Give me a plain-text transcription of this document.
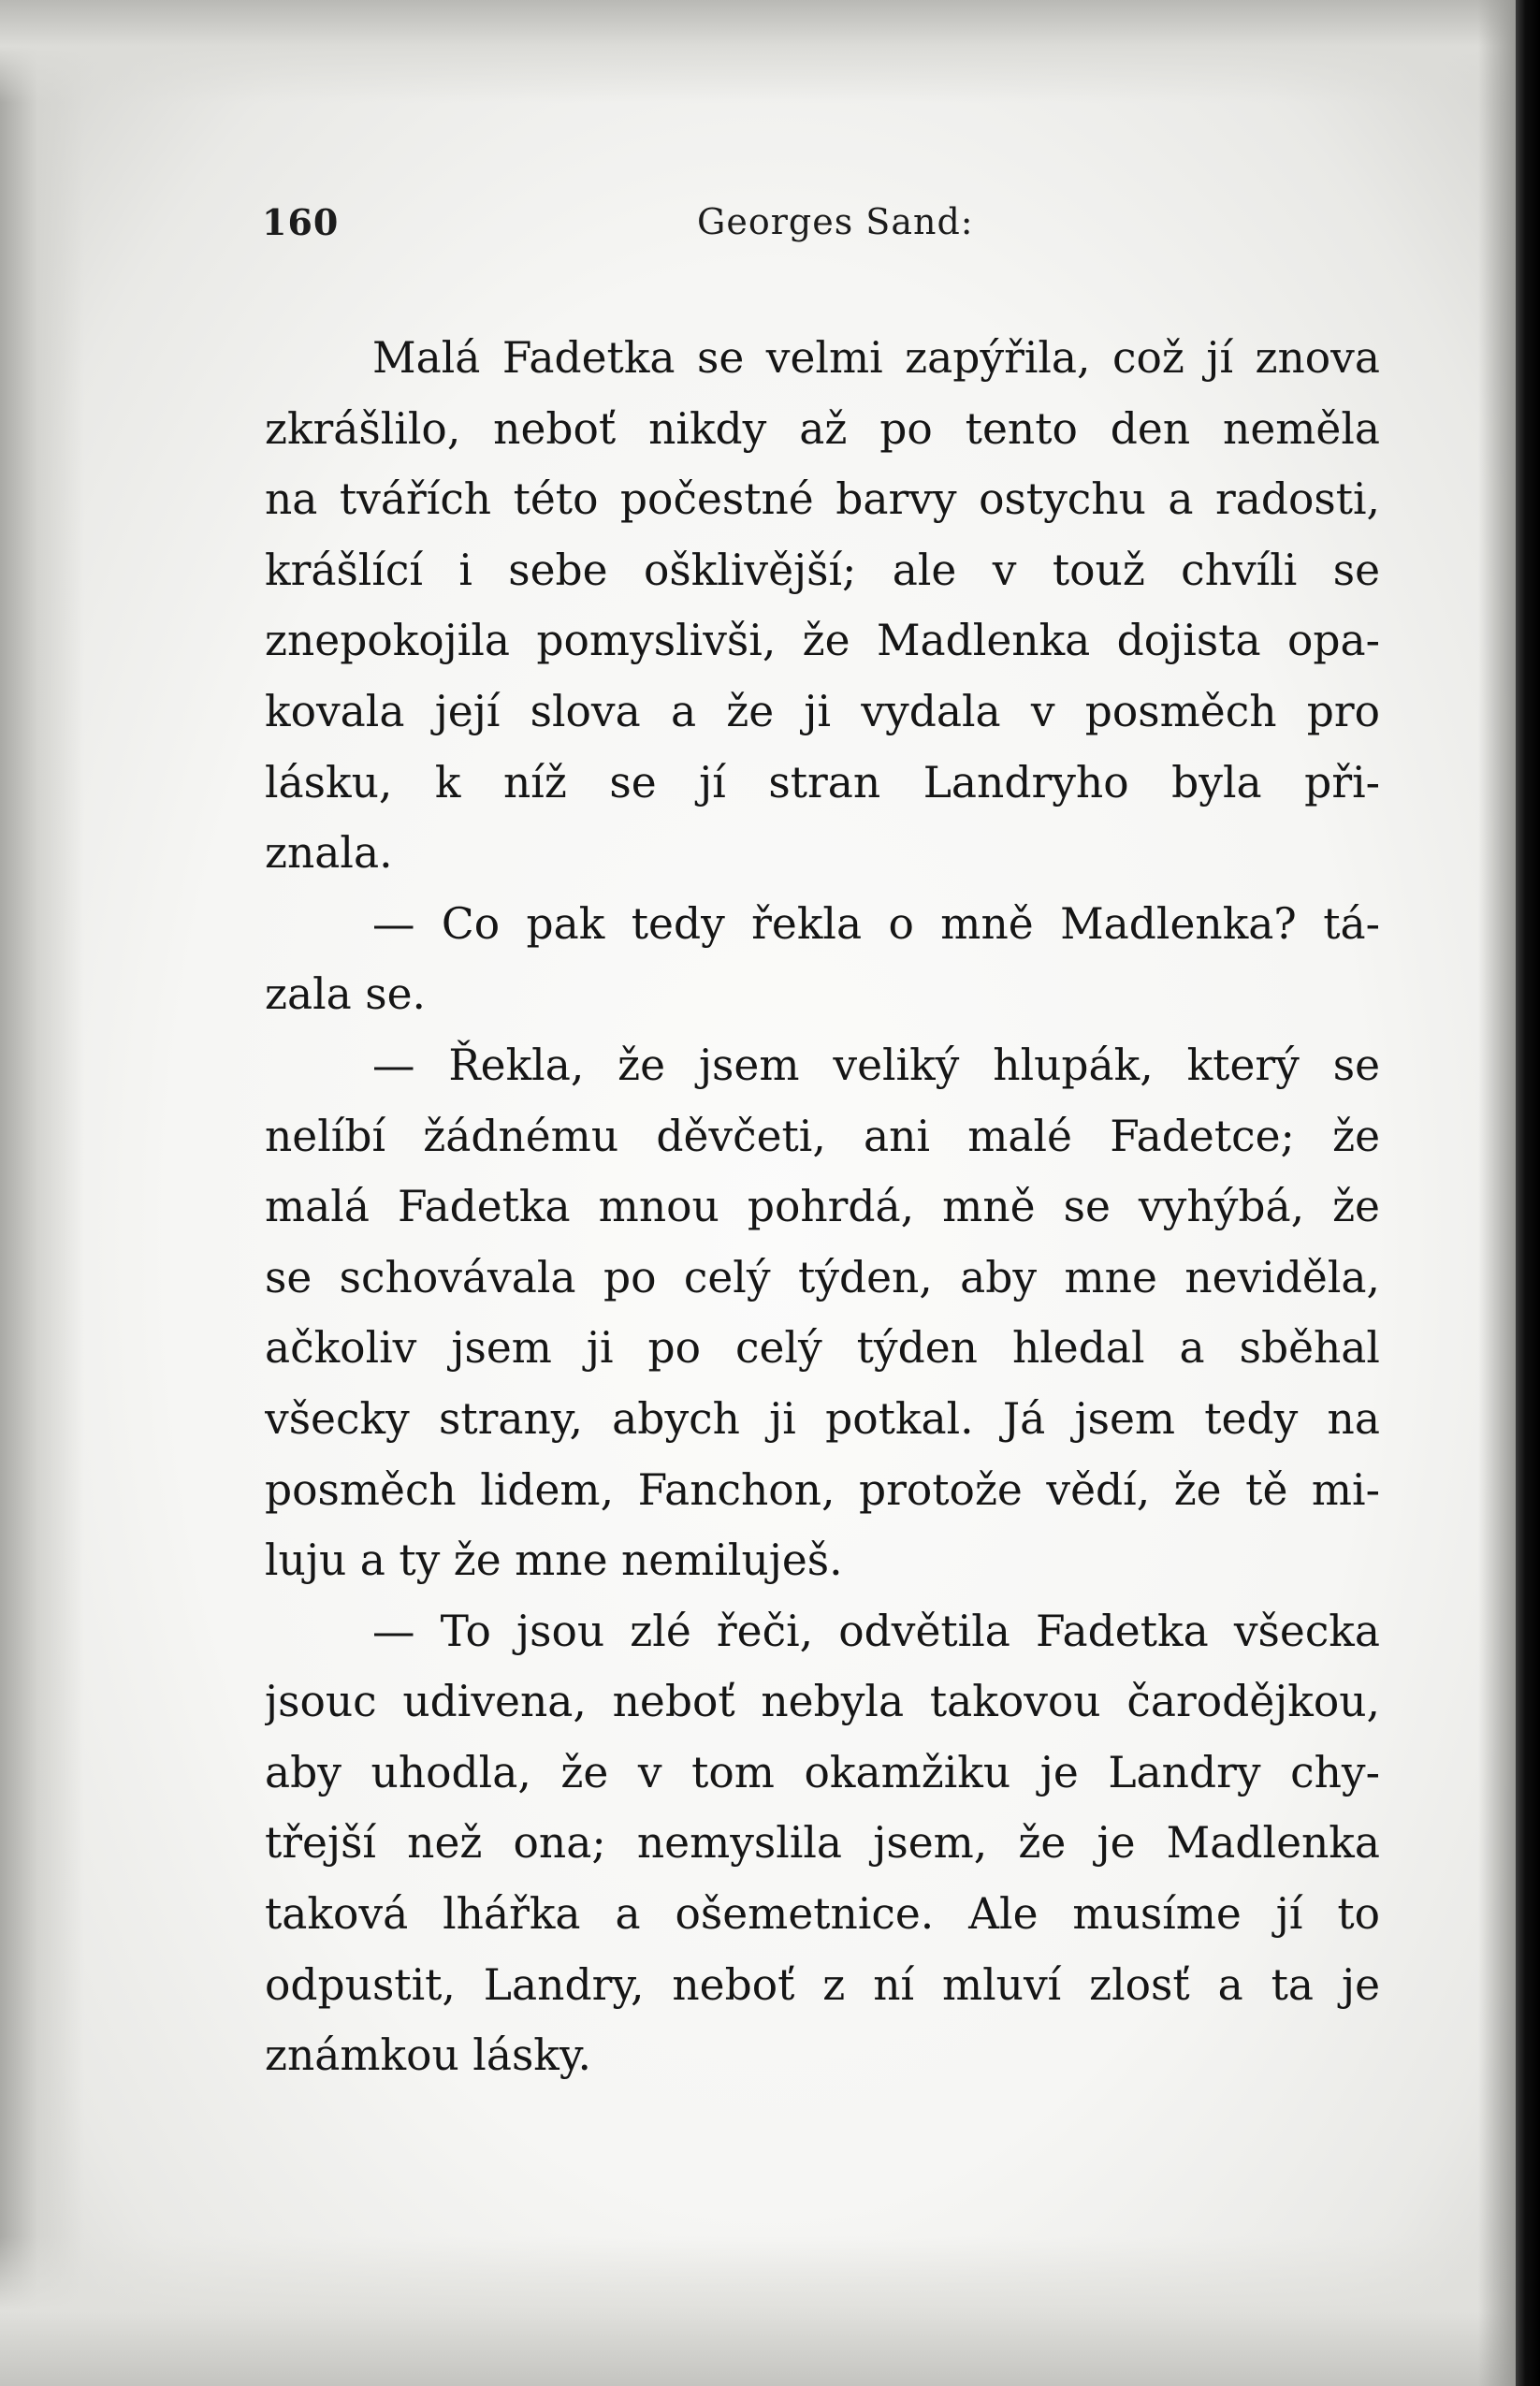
160	Georges Sand:
Malá Fadetka se velmi zapýřila, což jí znova
zkrášlilo, neboť nikdy až po tento den neměla
na tvářích této počestné barvy ostychu a radosti,
krášlící i sebe ošklivější; ale v touž chvíli se
znepokojila pomyslivši, že Madlenka dojista opa-
kovala její slova a že ji vydala v posměch pro
lásku, k níž se jí stran Landryho byla při-
znala.
— Co pak tedy řekla o mně Madlenka? tá-
zala se.
— Řekla, že jsem veliký hlupák, který se
nelíbí žádnému děvčeti, ani malé Fadetce; že
malá Fadetka mnou pohrdá, mně se vyhýbá, že
se schovávala po celý týden, aby mne neviděla,
ačkoliv jsem ji po celý týden hledal a sběhal
všecky strany, abych ji potkal. Já jsem tedy na
posměch lidem, Fanchon, protože vědí, že tě mi-
luju a ty že mne nemiluješ.
— To jsou zlé řeči, odvětila Fadetka všecka
jsouc udivena, neboť nebyla takovou čarodějkou,
aby uhodla, že v tom okamžiku je Landry chy-
třejší než ona; nemyslila jsem, že je Madlenka
taková lhářka a ošemetnice. Ale musíme jí to
odpustit, Landry, neboť z ní mluví zlosť a ta je
známkou lásky.
